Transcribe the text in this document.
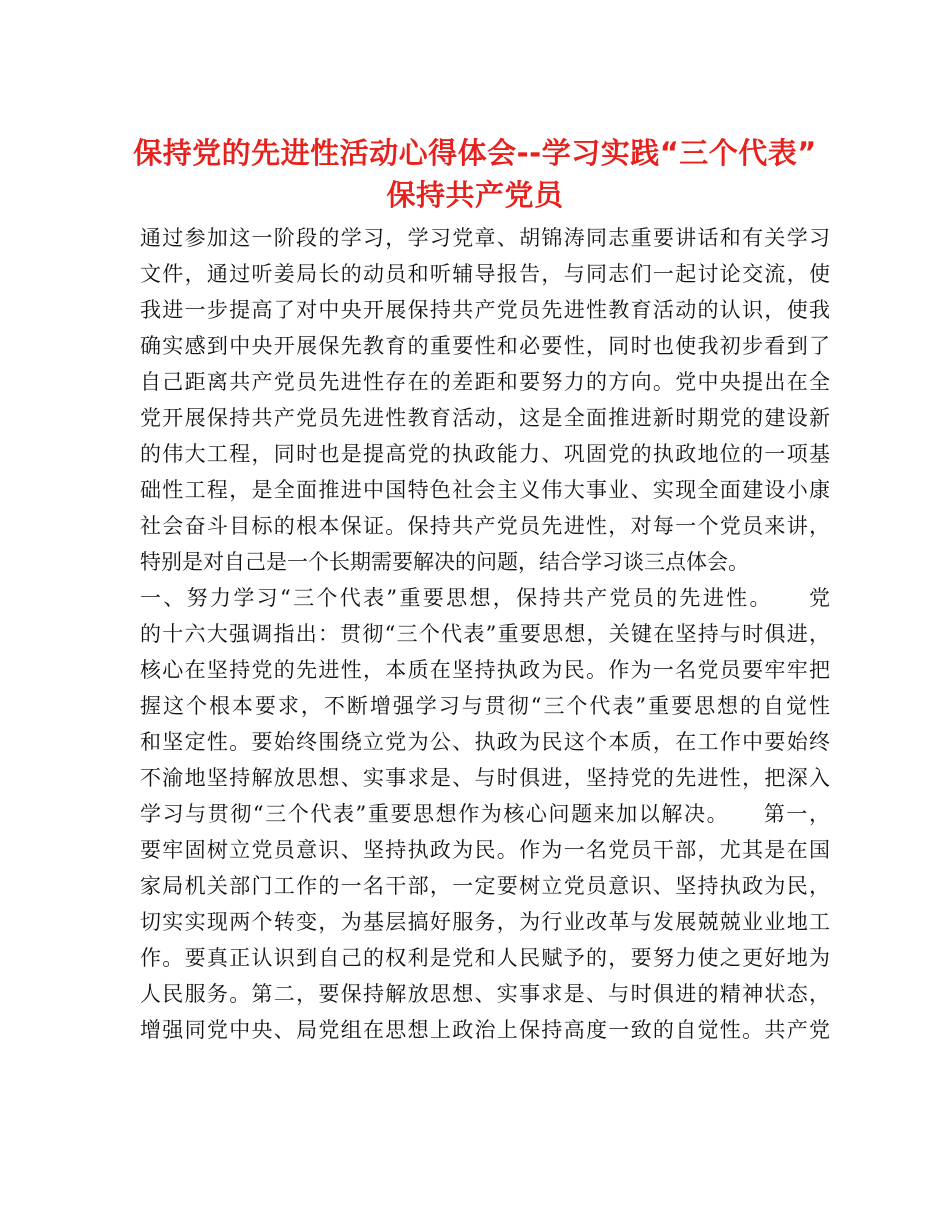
保持党的先进性活动心得体会--学习实践“三个代表”
保持共产党员
通过参加这一阶段的学习，学习党章、胡锦涛同志重要讲话和有关学习
文件，通过听姜局长的动员和听辅导报告，与同志们一起讨论交流，使
我进一步提高了对中央开展保持共产党员先进性教育活动的认识，使我
确实感到中央开展保先教育的重要性和必要性，同时也使我初步看到了
自己距离共产党员先进性存在的差距和要努力的方向。党中央提出在全
党开展保持共产党员先进性教育活动，这是全面推进新时期党的建设新
的伟大工程，同时也是提高党的执政能力、巩固党的执政地位的一项基
础性工程，是全面推进中国特色社会主义伟大事业、实现全面建设小康
社会奋斗目标的根本保证。保持共产党员先进性，对每一个党员来讲，
特别是对自己是一个长期需要解决的问题，结合学习谈三点体会。
一、努力学习“三个代表”重要思想，保持共产党员的先进性。　　党
的十六大强调指出：贯彻“三个代表”重要思想，关键在坚持与时俱进，
核心在坚持党的先进性，本质在坚持执政为民。作为一名党员要牢牢把
握这个根本要求，不断增强学习与贯彻“三个代表”重要思想的自觉性
和坚定性。要始终围绕立党为公、执政为民这个本质，在工作中要始终
不渝地坚持解放思想、实事求是、与时俱进，坚持党的先进性，把深入
学习与贯彻“三个代表”重要思想作为核心问题来加以解决。　　第一，
要牢固树立党员意识、坚持执政为民。作为一名党员干部，尤其是在国
家局机关部门工作的一名干部，一定要树立党员意识、坚持执政为民，
切实实现两个转变，为基层搞好服务，为行业改革与发展兢兢业业地工
作。要真正认识到自己的权利是党和人民赋予的，要努力使之更好地为
人民服务。第二，要保持解放思想、实事求是、与时俱进的精神状态，
增强同党中央、局党组在思想上政治上保持高度一致的自觉性。共产党
